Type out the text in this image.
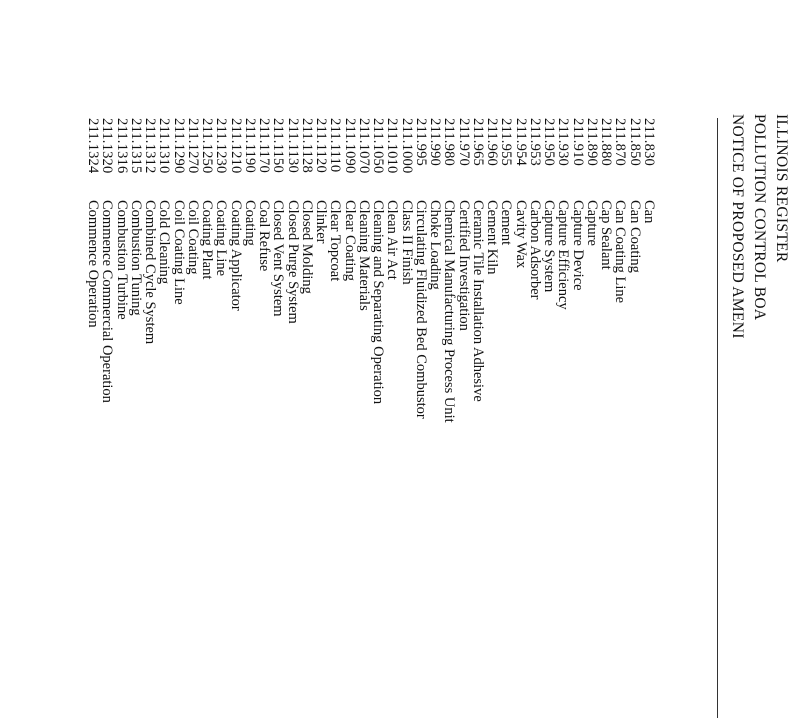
ILLINOIS REGISTER
POLLUTION CONTROL BOA
NOTICE OF PROPOSED AMENI
211.830Can
211.850Can Coating
211.870Can Coating Line
211.880Cap Sealant
211.890Capture
211.910Capture Device
211.930Capture Efficiency
211.950Capture System
211.953Carbon Adsorber
211.954Cavity Wax
211.955Cement
211.960Cement Kiln
211.965Ceramic Tile Installation Adhesive
211.970Certified Investigation
211.980Chemical Manufacturing Process Unit
211.990Choke Loading
211.995Circulating Fluidized Bed Combustor
211.1000Class II Finish
211.1010Clean Air Act
211.1050Cleaning and Separating Operation
211.1070Cleaning Materials
211.1090Clear Coating
211.1110Clear Topcoat
211.1120Clinker
211.1128Closed Molding
211.1130Closed Purge System
211.1150Closed Vent System
211.1170Coal Refuse
211.1190Coating
211.1210Coating Applicator
211.1230Coating Line
211.1250Coating Plant
211.1270Coil Coating
211.1290Coil Coating Line
211.1310Cold Cleaning
211.1312Combined Cycle System
211.1315Combustion Tuning
211.1316Combustion Turbine
211.1320Commence Commercial Operation
211.1324Commence Operation
